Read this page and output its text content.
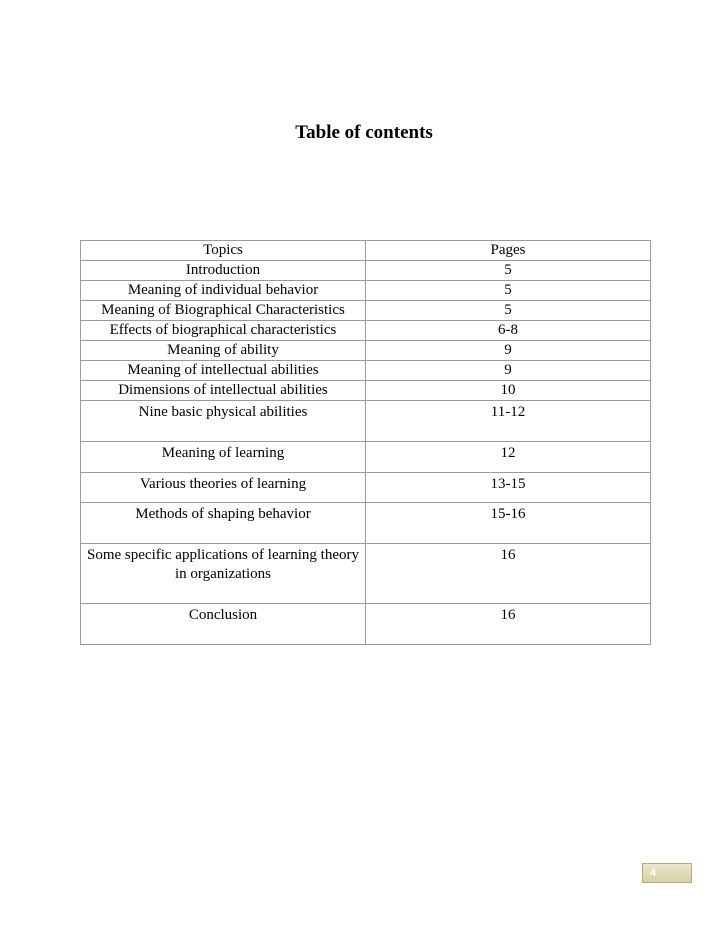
Table of contents
Topics	Pages
Introduction	5
Meaning of individual behavior	5
Meaning of Biographical Characteristics	5
Effects of biographical characteristics	6-8
Meaning of ability	9
Meaning of intellectual abilities	9
Dimensions of intellectual abilities	10
Nine basic physical abilities	11-12
Meaning of learning	12
Various theories of learning	13-15
Methods of shaping behavior	15-16
Some specific applications of learning theory in organizations	16
Conclusion	16
4
